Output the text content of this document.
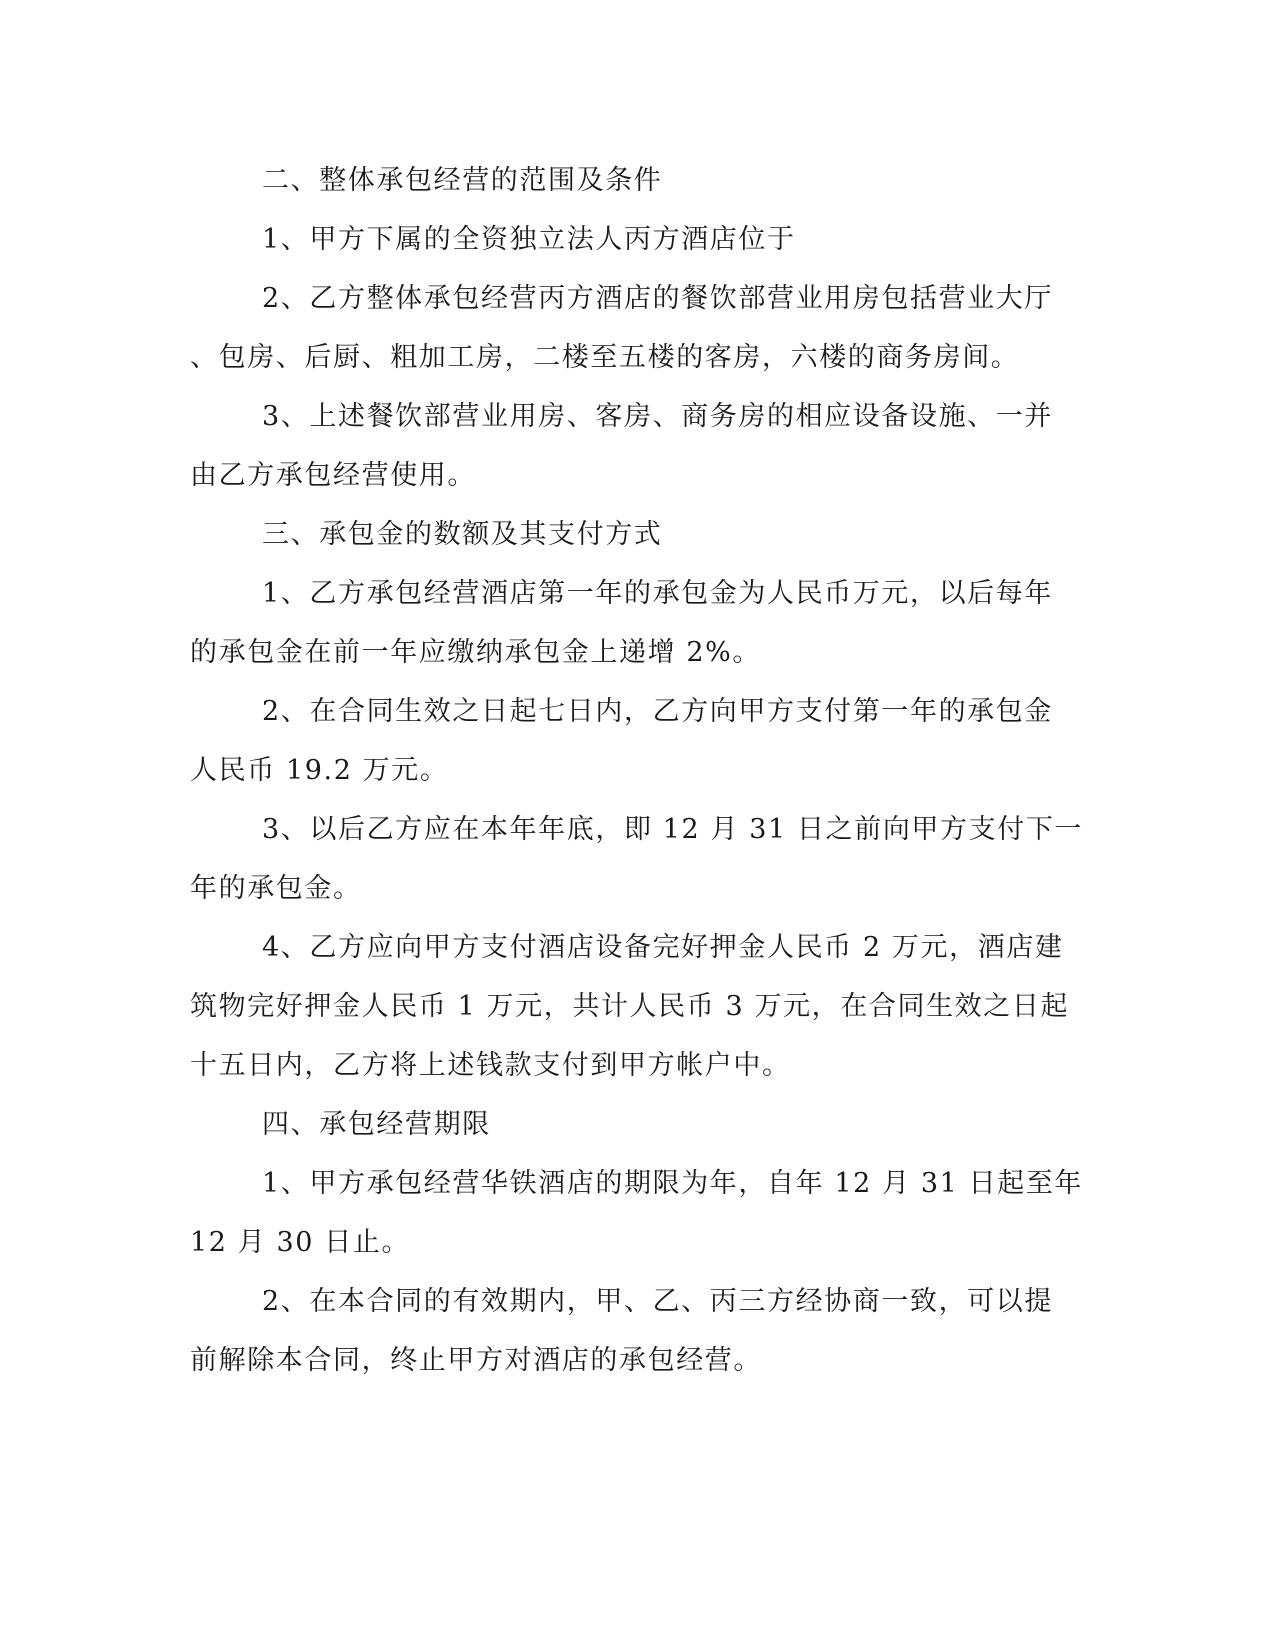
二、整体承包经营的范围及条件
1、甲方下属的全资独立法人丙方酒店位于
2、乙方整体承包经营丙方酒店的餐饮部营业用房包括营业大厅
、包房、后厨、粗加工房，二楼至五楼的客房，六楼的商务房间。
3、上述餐饮部营业用房、客房、商务房的相应设备设施、一并
由乙方承包经营使用。
三、承包金的数额及其支付方式
1、乙方承包经营酒店第一年的承包金为人民币万元，以后每年
的承包金在前一年应缴纳承包金上递增 2%。
2、在合同生效之日起七日内，乙方向甲方支付第一年的承包金
人民币 19.2 万元。
3、以后乙方应在本年年底，即 12 月 31 日之前向甲方支付下一
年的承包金。
4、乙方应向甲方支付酒店设备完好押金人民币 2 万元，酒店建
筑物完好押金人民币 1 万元，共计人民币 3 万元，在合同生效之日起
十五日内，乙方将上述钱款支付到甲方帐户中。
四、承包经营期限
1、甲方承包经营华铁酒店的期限为年，自年 12 月 31 日起至年
12 月 30 日止。
2、在本合同的有效期内，甲、乙、丙三方经协商一致，可以提
前解除本合同，终止甲方对酒店的承包经营。
